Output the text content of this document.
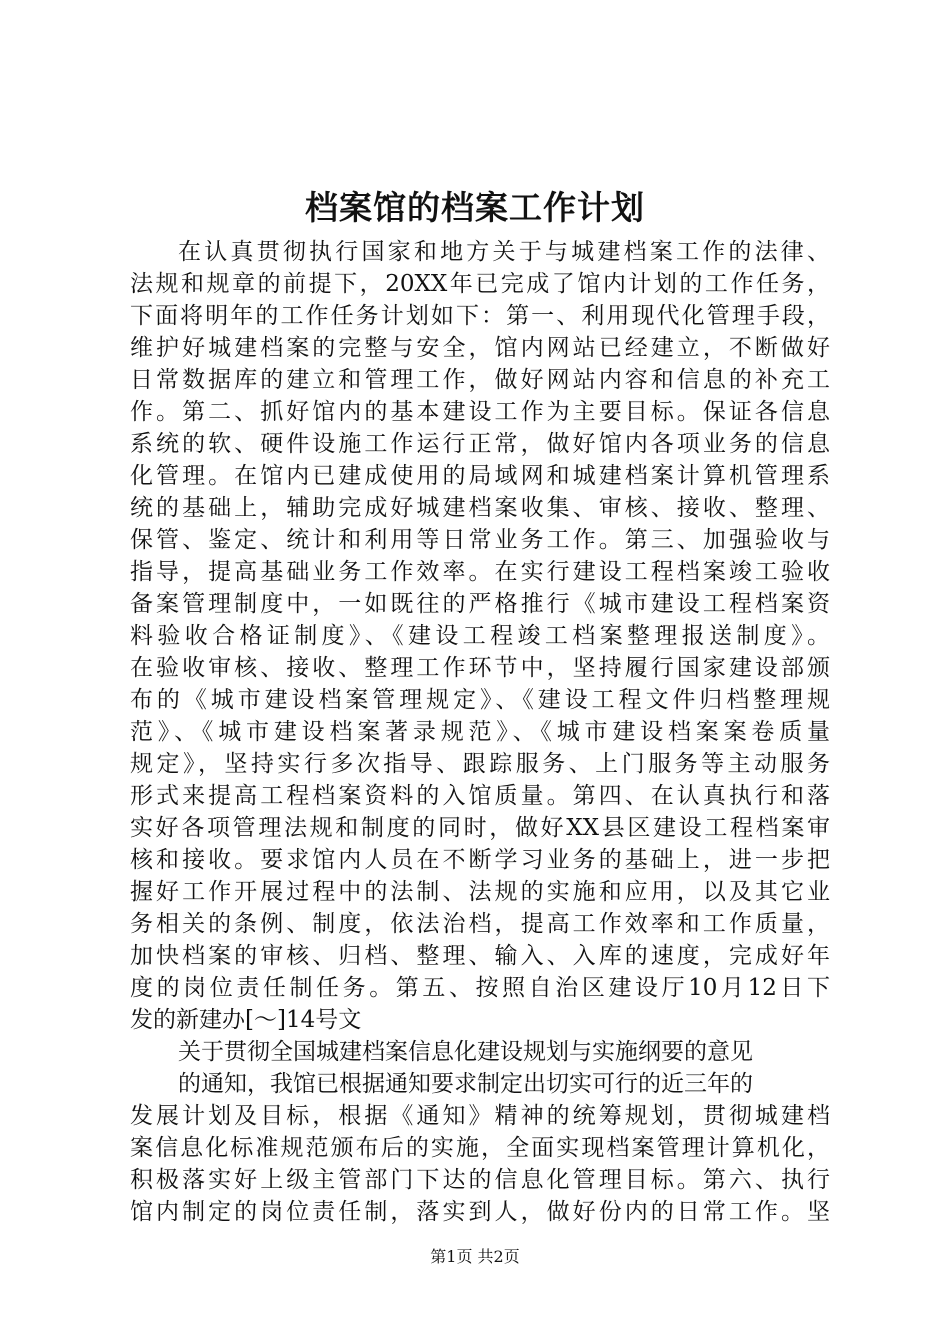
档案馆的档案工作计划
在认真贯彻执行国家和地方关于与城建档案工作的法律、
法规和规章的前提下，20XX年已完成了馆内计划的工作任务，
下面将明年的工作任务计划如下：第一、利用现代化管理手段，
维护好城建档案的完整与安全，馆内网站已经建立，不断做好
日常数据库的建立和管理工作，做好网站内容和信息的补充工
作。第二、抓好馆内的基本建设工作为主要目标。保证各信息
系统的软、硬件设施工作运行正常，做好馆内各项业务的信息
化管理。在馆内已建成使用的局域网和城建档案计算机管理系
统的基础上，辅助完成好城建档案收集、审核、接收、整理、
保管、鉴定、统计和利用等日常业务工作。第三、加强验收与
指导，提高基础业务工作效率。在实行建设工程档案竣工验收
备案管理制度中，一如既往的严格推行《城市建设工程档案资
料验收合格证制度》、《建设工程竣工档案整理报送制度》。
在验收审核、接收、整理工作环节中，坚持履行国家建设部颁
布的《城市建设档案管理规定》、《建设工程文件归档整理规
范》、《城市建设档案著录规范》、《城市建设档案案卷质量
规定》，坚持实行多次指导、跟踪服务、上门服务等主动服务
形式来提高工程档案资料的入馆质量。第四、在认真执行和落
实好各项管理法规和制度的同时，做好XX县区建设工程档案审
核和接收。要求馆内人员在不断学习业务的基础上，进一步把
握好工作开展过程中的法制、法规的实施和应用，以及其它业
务相关的条例、制度，依法治档，提高工作效率和工作质量，
加快档案的审核、归档、整理、输入、入库的速度，完成好年
度的岗位责任制任务。第五、按照自治区建设厅10月12日下
发的新建办[～]14号文
关于贯彻全国城建档案信息化建设规划与实施纲要的意见
的通知，我馆已根据通知要求制定出切实可行的近三年的
发展计划及目标，根据《通知》精神的统筹规划，贯彻城建档
案信息化标准规范颁布后的实施，全面实现档案管理计算机化，
积极落实好上级主管部门下达的信息化管理目标。第六、执行
馆内制定的岗位责任制，落实到人，做好份内的日常工作。坚
第1页 共2页
